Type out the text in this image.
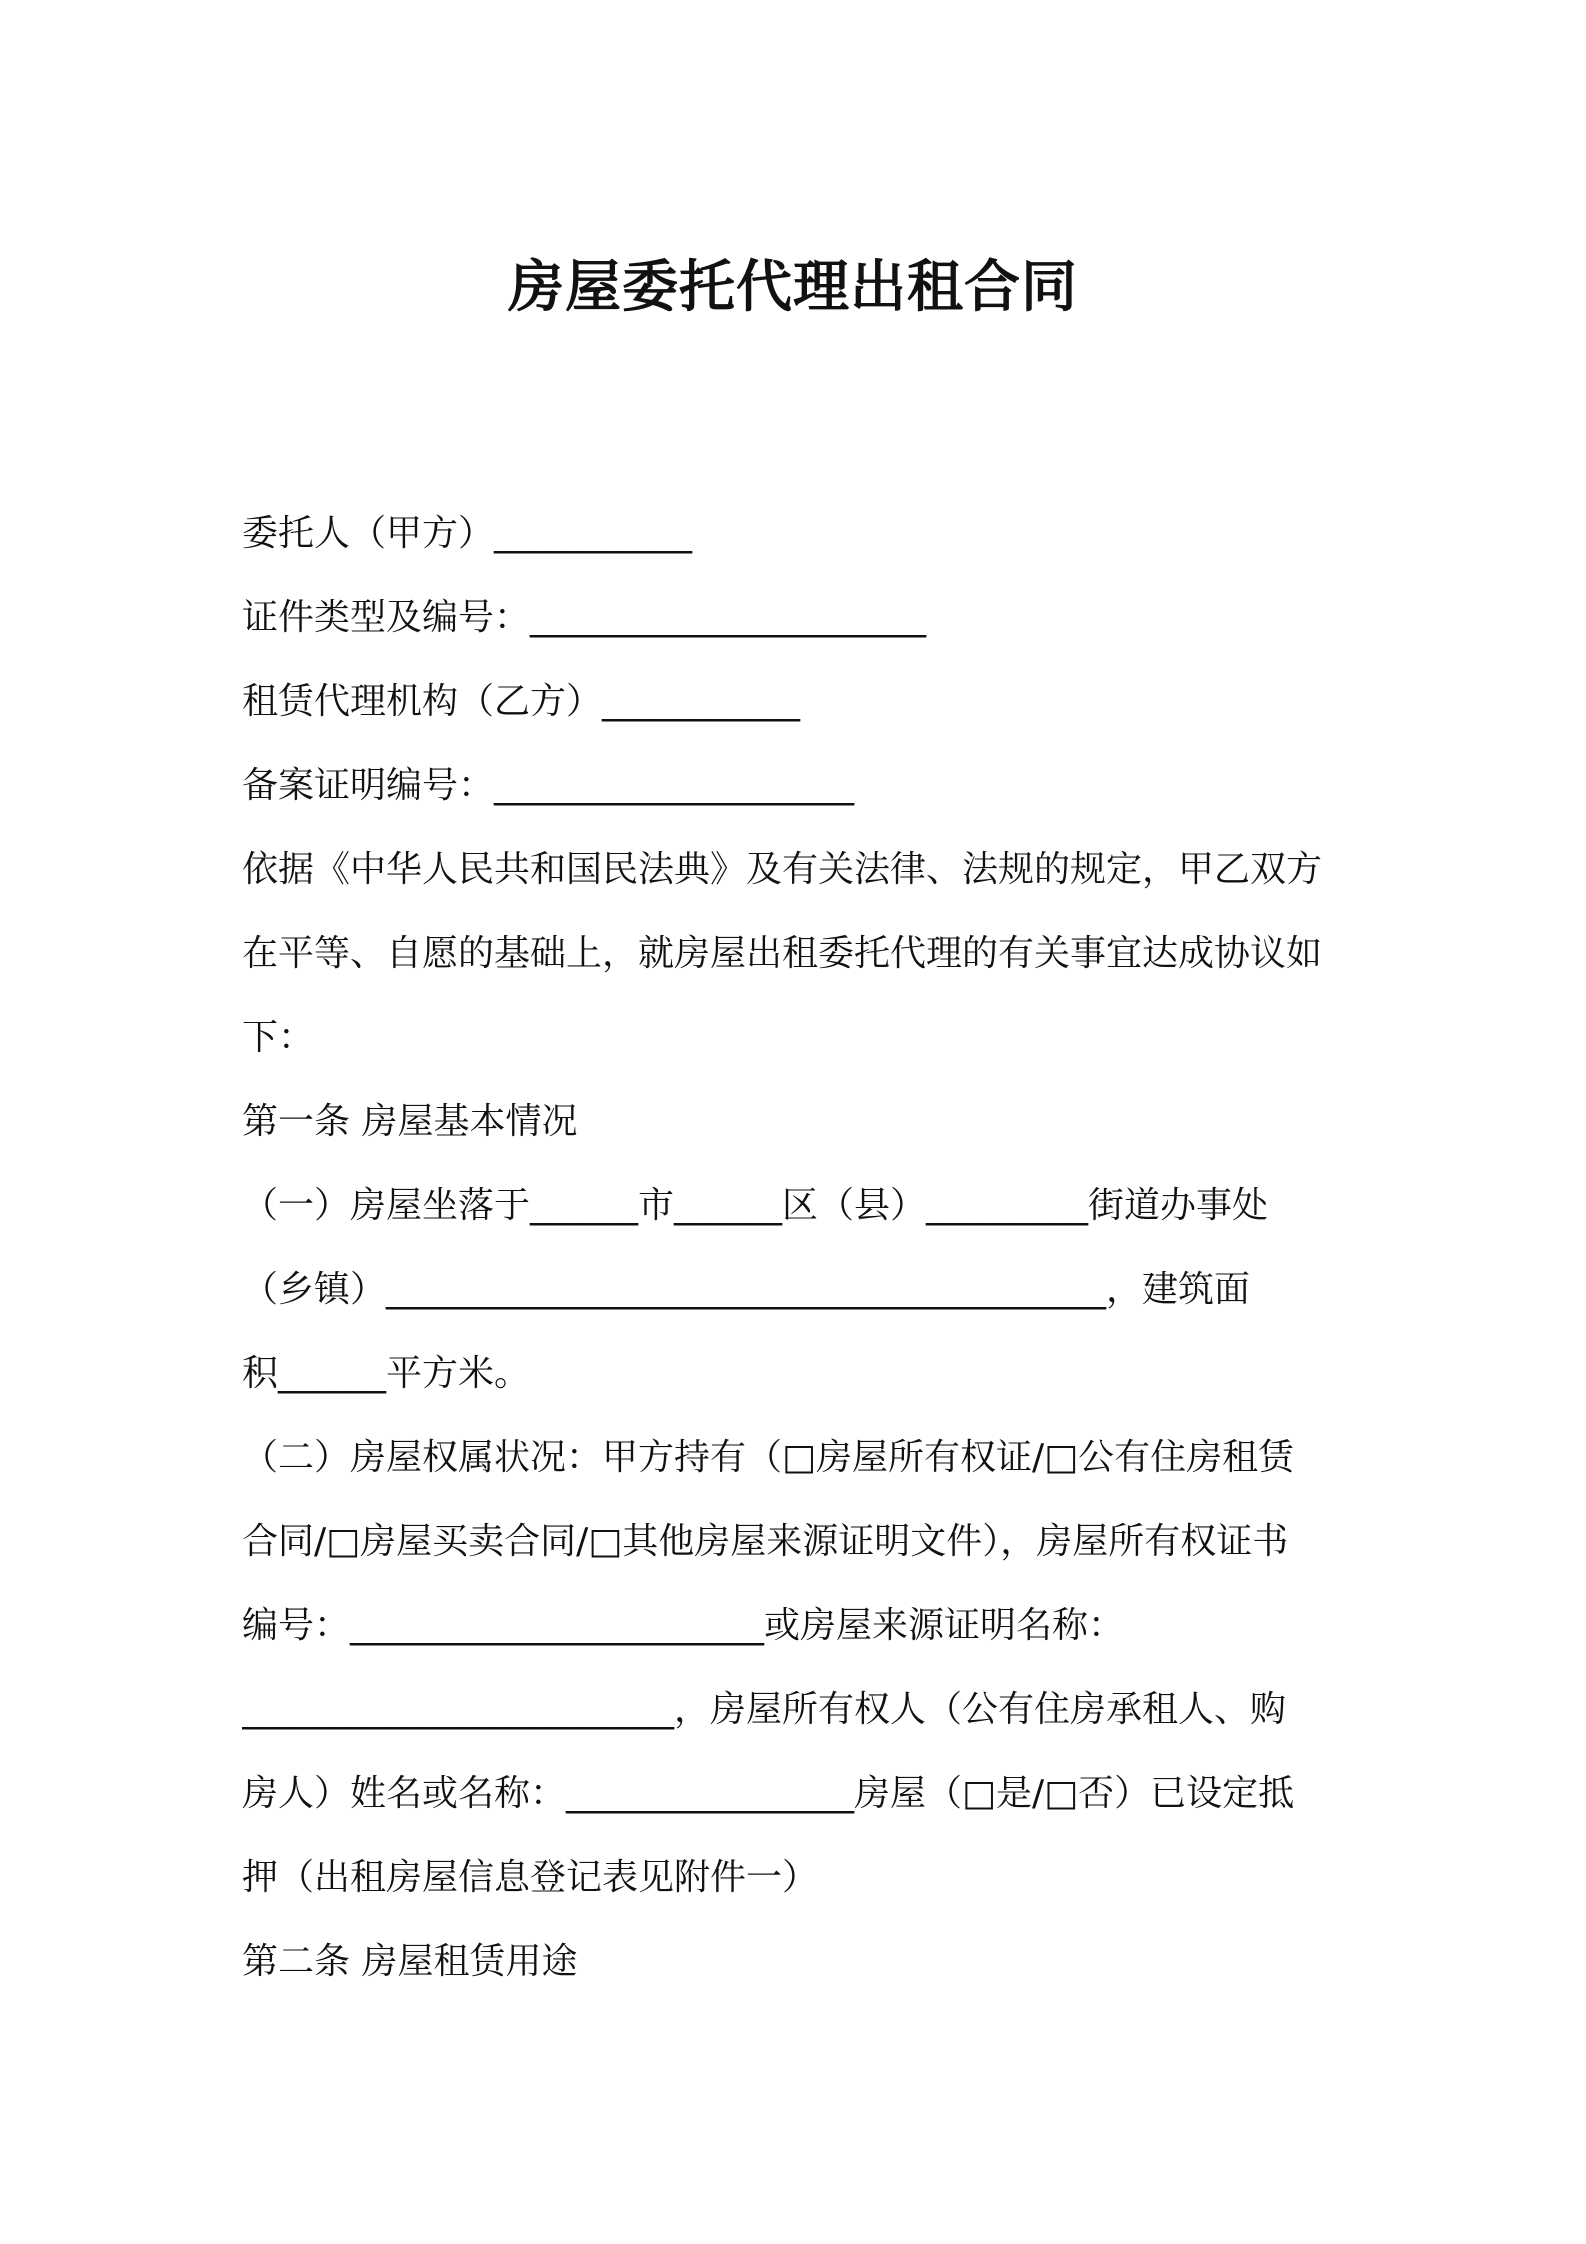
房屋委托代理出租合同
委托人（甲方）___________
证件类型及编号：______________________
租赁代理机构（乙方）___________
备案证明编号：____________________
依据《中华人民共和国民法典》及有关法律、法规的规定，甲乙双方
在平等、自愿的基础上，就房屋出租委托代理的有关事宜达成协议如
下：
第一条 房屋基本情况
（一）房屋坐落于______市______区（县）_________街道办事处
（乡镇）________________________________________，建筑面
积______平方米。
（二）房屋权属状况：甲方持有（□房屋所有权证/□公有住房租赁
合同/□房屋买卖合同/□其他房屋来源证明文件），房屋所有权证书
编号：_______________________或房屋来源证明名称：
________________________，房屋所有权人（公有住房承租人、购
房人）姓名或名称：________________房屋（□是/□否）已设定抵
押（出租房屋信息登记表见附件一）
第二条 房屋租赁用途
